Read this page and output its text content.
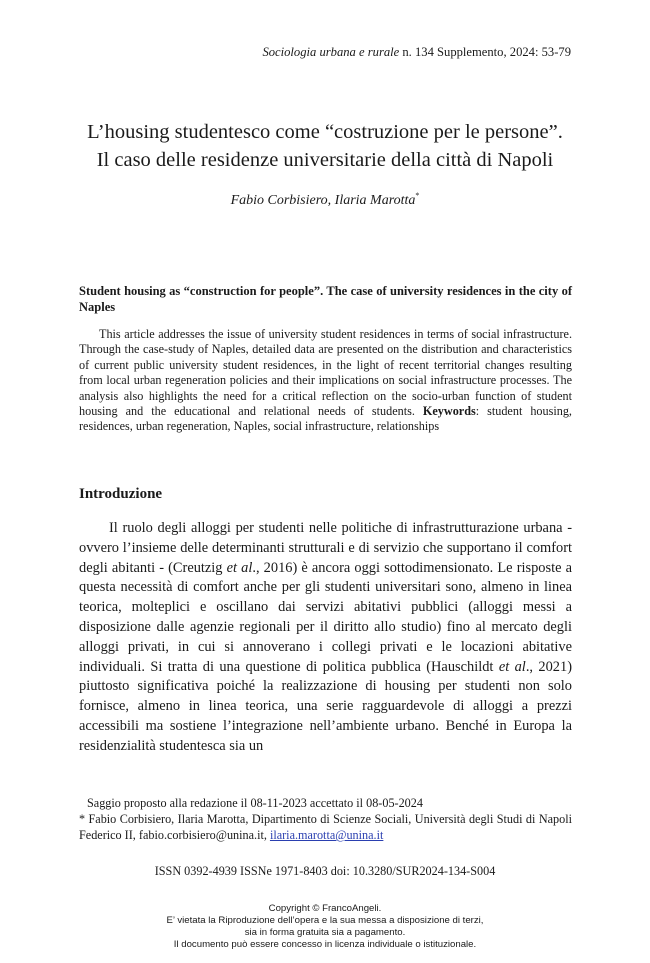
Sociologia urbana e rurale n. 134 Supplemento, 2024: 53-79
L’housing studentesco come “costruzione per le persone”.
Il caso delle residenze universitarie della città di Napoli
Fabio Corbisiero, Ilaria Marotta*
Student housing as “construction for people”. The case of university residences in the city of Naples

This article addresses the issue of university student residences in terms of social infrastructure. Through the case-study of Naples, detailed data are presented on the distribution and characteristics of current public university student residences, in the light of recent territorial changes resulting from local urban regeneration policies and their implications on social infrastructure processes. The analysis also highlights the need for a critical reflection on the socio-urban function of student housing and the educational and relational needs of students. Keywords: student housing, residences, urban regeneration, Naples, social infrastructure, relationships

Introduzione

Il ruolo degli alloggi per studenti nelle politiche di infrastrutturazione urbana - ovvero l’insieme delle determinanti strutturali e di servizio che supportano il comfort degli abitanti - (Creutzig et al., 2016) è ancora oggi sottodimensionato. Le risposte a questa necessità di comfort anche per gli studenti universitari sono, almeno in linea teorica, molteplici e oscillano dai servizi abitativi pubblici (alloggi messi a disposizione dalle agenzie regionali per il diritto allo studio) fino al mercato degli alloggi privati, in cui si annoverano i collegi privati e le locazioni abitative individuali. Si tratta di una questione di politica pubblica (Hauschildt et al., 2021) piuttosto significativa poiché la realizzazione di housing per studenti non solo fornisce, almeno in linea teorica, una serie ragguardevole di alloggi a prezzi accessibili ma sostiene l’integrazione nell’ambiente urbano. Benché in Europa la residenzialità studentesca sia un

Saggio proposto alla redazione il 08-11-2023 accettato il 08-05-2024
* Fabio Corbisiero, Ilaria Marotta, Dipartimento di Scienze Sociali, Università degli Studi di Napoli Federico II, fabio.corbisiero@unina.it, ilaria.marotta@unina.it
ISSN 0392-4939 ISSNe 1971-8403 doi: 10.3280/SUR2024-134-S004
Copyright © FrancoAngeli.
E’ vietata la Riproduzione dell’opera e la sua messa a disposizione di terzi,
sia in forma gratuita sia a pagamento.
Il documento può essere concesso in licenza individuale o istituzionale.
